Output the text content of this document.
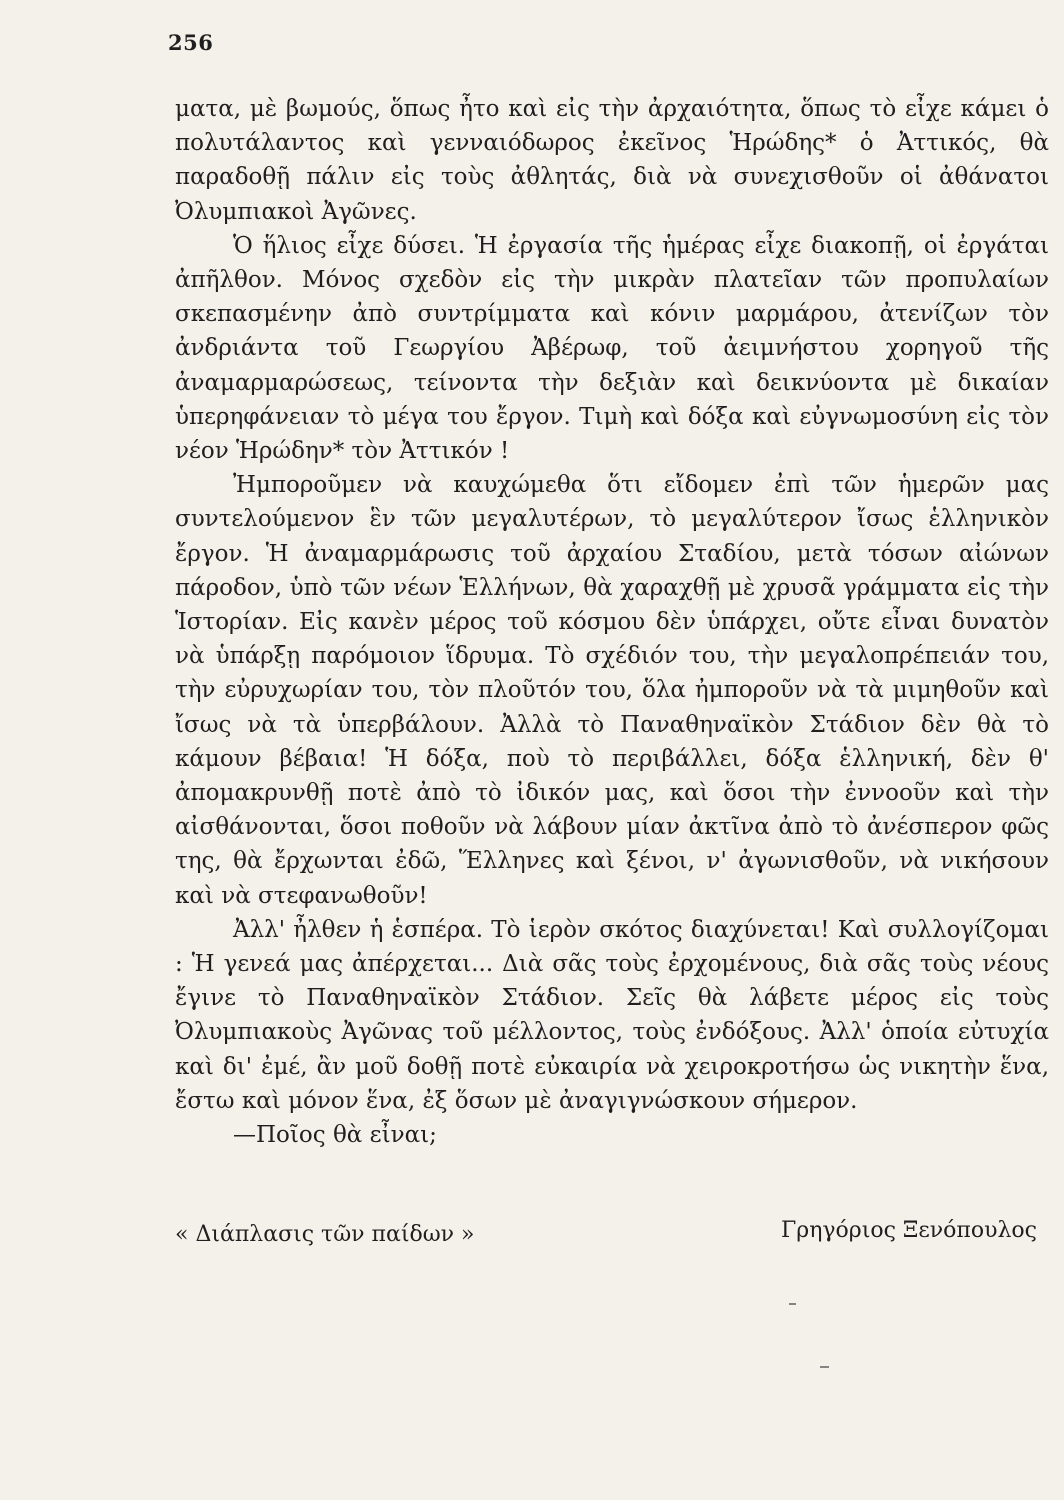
256

ματα, μὲ βωμούς, ὅπως ἦτο καὶ εἰς τὴν ἀρχαιότητα, ὅπως τὸ εἶχε κάμει ὁ πολυτάλαντος καὶ γενναιόδωρος ἐκεῖνος Ἡρώδης* ὁ Ἀττικός, θὰ παραδοθῇ πάλιν εἰς τοὺς ἀθλητάς, διὰ νὰ συνεχισθοῦν οἱ ἀθάνατοι Ὀλυμπιακοὶ Ἀγῶνες.

Ὁ ἥλιος εἶχε δύσει. Ἡ ἐργασία τῆς ἡμέρας εἶχε διακοπῇ, οἱ ἐργάται ἀπῆλθον. Μόνος σχεδὸν εἰς τὴν μικρὰν πλατεῖαν τῶν προπυλαίων σκεπασμένην ἀπὸ συντρίμματα καὶ κόνιν μαρμάρου, ἀτενίζων τὸν ἀνδριάντα τοῦ Γεωργίου Ἀβέρωφ, τοῦ ἀειμνήστου χορηγοῦ τῆς ἀναμαρμαρώσεως, τείνοντα τὴν δεξιὰν καὶ δεικνύοντα μὲ δικαίαν ὑπερηφάνειαν τὸ μέγα του ἔργον. Τιμὴ καὶ δόξα καὶ εὐγνωμοσύνη εἰς τὸν νέον Ἡρώδην* τὸν Ἀττικόν !

Ἠμποροῦμεν νὰ καυχώμεθα ὅτι εἴδομεν ἐπὶ τῶν ἡμερῶν μας συντελούμενον ἓν τῶν μεγαλυτέρων, τὸ μεγαλύτερον ἴσως ἑλληνικὸν ἔργον. Ἡ ἀναμαρμάρωσις τοῦ ἀρχαίου Σταδίου, μετὰ τόσων αἰώνων πάροδον, ὑπὸ τῶν νέων Ἑλλήνων, θὰ χαραχθῇ μὲ χρυσᾶ γράμματα εἰς τὴν Ἱστορίαν. Εἰς κανὲν μέρος τοῦ κόσμου δὲν ὑπάρχει, οὔτε εἶναι δυνατὸν νὰ ὑπάρξῃ παρόμοιον ἵδρυμα. Τὸ σχέδιόν του, τὴν μεγαλοπρέπειάν του, τὴν εὐρυχωρίαν του, τὸν πλοῦτόν του, ὅλα ἠμποροῦν νὰ τὰ μιμηθοῦν καὶ ἴσως νὰ τὰ ὑπερβάλουν. Ἀλλὰ τὸ Παναθηναϊκὸν Στάδιον δὲν θὰ τὸ κάμουν βέβαια! Ἡ δόξα, ποὺ τὸ περιβάλλει, δόξα ἑλληνική, δὲν θ' ἀπομακρυνθῇ ποτὲ ἀπὸ τὸ ἰδικόν μας, καὶ ὅσοι τὴν ἐννοοῦν καὶ τὴν αἰσθάνονται, ὅσοι ποθοῦν νὰ λάβουν μίαν ἀκτῖνα ἀπὸ τὸ ἀνέσπερον φῶς της, θὰ ἔρχωνται ἐδῶ, Ἕλληνες καὶ ξένοι, ν' ἀγωνισθοῦν, νὰ νικήσουν καὶ νὰ στεφανωθοῦν!

Ἀλλ' ἦλθεν ἡ ἑσπέρα. Τὸ ἱερὸν σκότος διαχύνεται! Καὶ συλλογίζομαι : Ἡ γενεά μας ἀπέρχεται... Διὰ σᾶς τοὺς ἐρχομένους, διὰ σᾶς τοὺς νέους ἔγινε τὸ Παναθηναϊκὸν Στάδιον. Σεῖς θὰ λάβετε μέρος εἰς τοὺς Ὀλυμπιακοὺς Ἀγῶνας τοῦ μέλλοντος, τοὺς ἐνδόξους. Ἀλλ' ὁποία εὐτυχία καὶ δι' ἐμέ, ἂν μοῦ δοθῇ ποτὲ εὐκαιρία νὰ χειροκροτήσω ὡς νικητὴν ἕνα, ἔστω καὶ μόνον ἕνα, ἐξ ὅσων μὲ ἀναγιγνώσκουν σήμερον.

—Ποῖος θὰ εἶναι;

« Διάπλασις τῶν παίδων »	Γρηγόριος Ξενόπουλος
